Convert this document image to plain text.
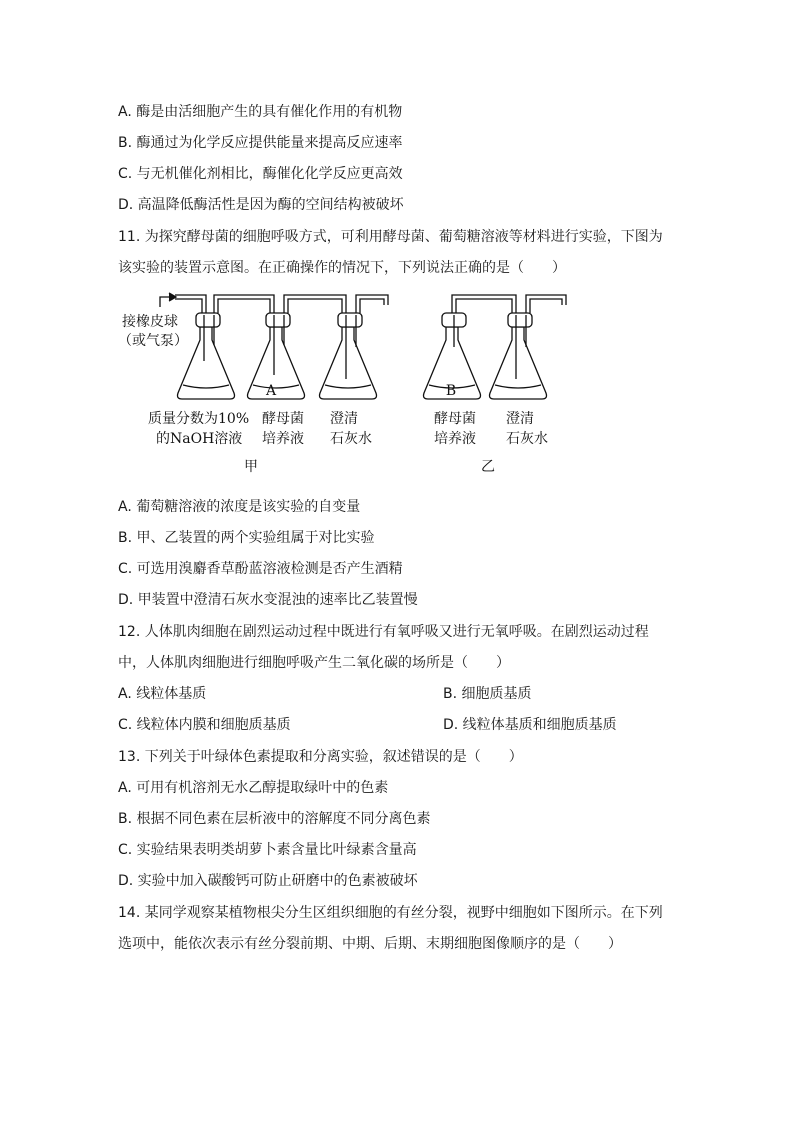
A. 酶是由活细胞产生的具有催化作用的有机物
B. 酶通过为化学反应提供能量来提高反应速率
C. 与无机催化剂相比，酶催化化学反应更高效
D. 高温降低酶活性是因为酶的空间结构被破坏
11. 为探究酵母菌的细胞呼吸方式，可利用酵母菌、葡萄糖溶液等材料进行实验，下图为
该实验的装置示意图。在正确操作的情况下，下列说法正确的是（　　）
接橡皮球
（或气泵）
A	B
质量分数为10%
的NaOH溶液
酵母菌
培养液
澄清
石灰水
酵母菌
培养液
澄清
石灰水
甲	乙
A. 葡萄糖溶液的浓度是该实验的自变量
B. 甲、乙装置的两个实验组属于对比实验
C. 可选用溴麝香草酚蓝溶液检测是否产生酒精
D. 甲装置中澄清石灰水变混浊的速率比乙装置慢
12. 人体肌肉细胞在剧烈运动过程中既进行有氧呼吸又进行无氧呼吸。在剧烈运动过程
中，人体肌肉细胞进行细胞呼吸产生二氧化碳的场所是（　　）
A. 线粒体基质	B. 细胞质基质
C. 线粒体内膜和细胞质基质	D. 线粒体基质和细胞质基质
13. 下列关于叶绿体色素提取和分离实验，叙述错误的是（　　）
A. 可用有机溶剂无水乙醇提取绿叶中的色素
B. 根据不同色素在层析液中的溶解度不同分离色素
C. 实验结果表明类胡萝卜素含量比叶绿素含量高
D. 实验中加入碳酸钙可防止研磨中的色素被破坏
14. 某同学观察某植物根尖分生区组织细胞的有丝分裂，视野中细胞如下图所示。在下列
选项中，能依次表示有丝分裂前期、中期、后期、末期细胞图像顺序的是（　　）
